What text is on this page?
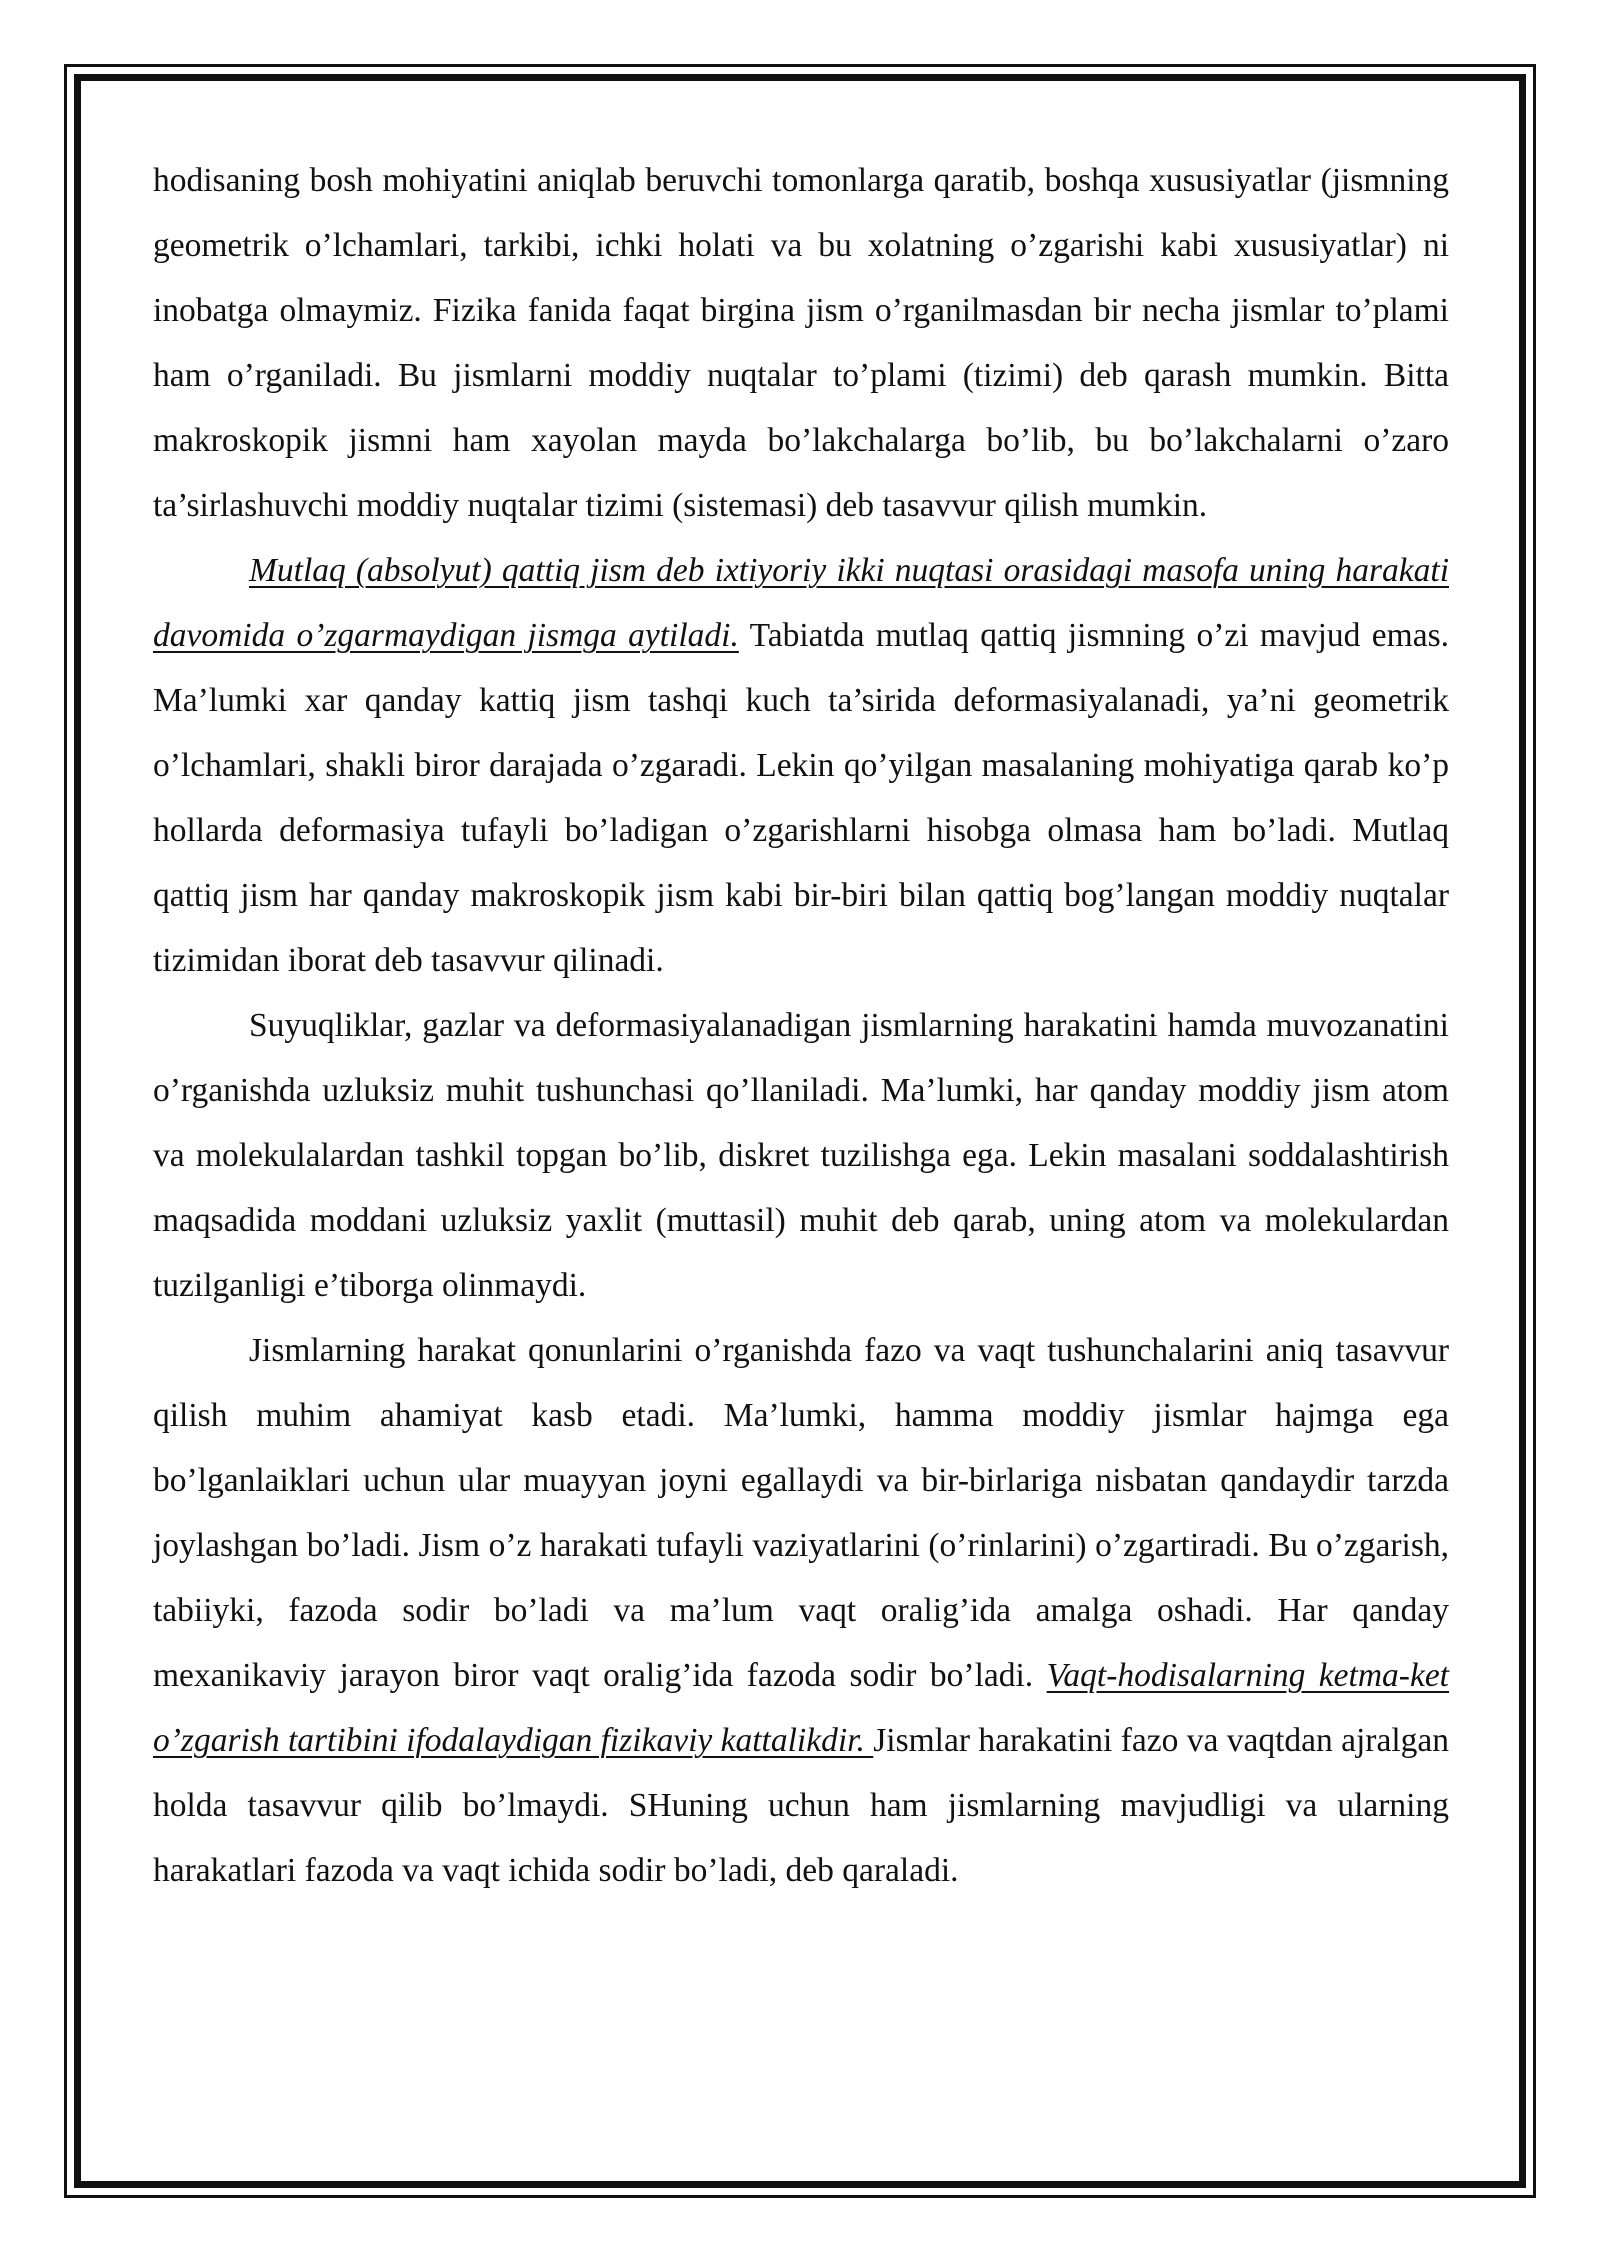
hodisaning bosh mohiyatini aniqlab beruvchi tomonlarga qaratib, boshqa xususiyatlar (jismning geometrik o’lchamlari, tarkibi, ichki holati va bu xolatning o’zgarishi kabi xususiyatlar) ni inobatga olmaymiz. Fizika fanida faqat birgina jism o’rganilmasdan bir necha jismlar to’plami ham o’rganiladi. Bu jismlarni moddiy nuqtalar to’plami (tizimi) deb qarash mumkin. Bitta makroskopik jismni ham xayolan mayda bo’lakchalarga bo’lib, bu bo’lakchalarni o’zaro ta’sirlashuvchi moddiy nuqtalar tizimi (sistemasi) deb tasavvur qilish mumkin.

Mutlaq (absolyut) qattiq jism deb ixtiyoriy ikki nuqtasi orasidagi masofa uning harakati davomida o’zgarmaydigan jismga aytiladi. Tabiatda mutlaq qattiq jismning o’zi mavjud emas. Ma’lumki xar qanday kattiq jism tashqi kuch ta’sirida deformasiyalanadi, ya’ni geometrik o’lchamlari, shakli biror darajada o’zgaradi. Lekin qo’yilgan masalaning mohiyatiga qarab ko’p hollarda deformasiya tufayli bo’ladigan o’zgarishlarni hisobga olmasa ham bo’ladi. Mutlaq qattiq jism har qanday makroskopik jism kabi bir-biri bilan qattiq bog’langan moddiy nuqtalar tizimidan iborat deb tasavvur qilinadi.

Suyuqliklar, gazlar va deformasiyalanadigan jismlarning harakatini hamda muvozanatini o’rganishda uzluksiz muhit tushunchasi qo’llaniladi. Ma’lumki, har qanday moddiy jism atom va molekulalardan tashkil topgan bo’lib, diskret tuzilishga ega. Lekin masalani soddalashtirish maqsadida moddani uzluksiz yaxlit (muttasil) muhit deb qarab, uning atom va molekulardan tuzilganligi e’tiborga olinmaydi.

Jismlarning harakat qonunlarini o’rganishda fazo va vaqt tushunchalarini aniq tasavvur qilish muhim ahamiyat kasb etadi. Ma’lumki, hamma moddiy jismlar hajmga ega bo’lganlaiklari uchun ular muayyan joyni egallaydi va bir-birlariga nisbatan qandaydir tarzda joylashgan bo’ladi. Jism o’z harakati tufayli vaziyatlarini (o’rinlarini) o’zgartiradi. Bu o’zgarish, tabiiyki, fazoda sodir bo’ladi va ma’lum vaqt oralig’ida amalga oshadi. Har qanday mexanikaviy jarayon biror vaqt oralig’ida fazoda sodir bo’ladi. Vaqt-hodisalarning ketma-ket o’zgarish tartibini ifodalaydigan fizikaviy kattalikdir. Jismlar harakatini fazo va vaqtdan ajralgan holda tasavvur qilib bo’lmaydi. SHuning uchun ham jismlarning mavjudligi va ularning harakatlari fazoda va vaqt ichida sodir bo’ladi, deb qaraladi.
